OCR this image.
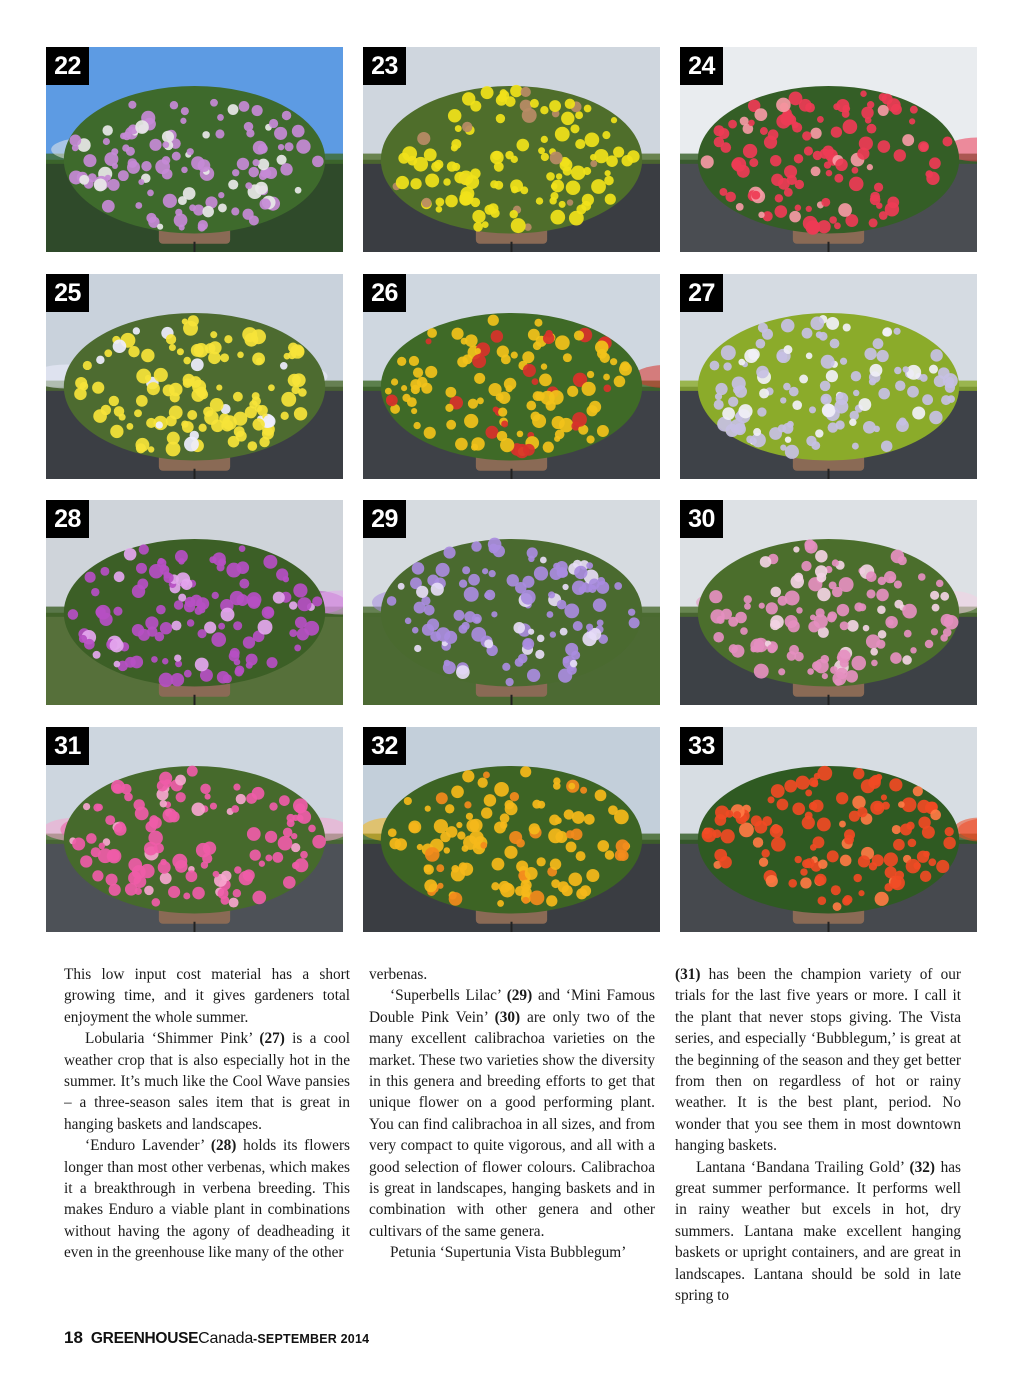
22	23	24
25	26	27
28	29	30
31	32	33

This low input cost material has a short growing time, and it gives gardeners total enjoyment the whole summer.

Lobularia ‘Shimmer Pink’ (27) is a cool weather crop that is also especially hot in the summer. It’s much like the Cool Wave pansies – a three-season sales item that is great in hanging baskets and landscapes.

‘Enduro Lavender’ (28) holds its flowers longer than most other verbenas, which makes it a breakthrough in verbena breeding. This makes Enduro a viable plant in combinations without having the agony of deadheading it even in the greenhouse like many of the other

verbenas.

‘Superbells Lilac’ (29) and ‘Mini Famous Double Pink Vein’ (30) are only two of the many excellent calibrachoa varieties on the market. These two varieties show the diversity in this genera and breeding efforts to get that unique flower on a good performing plant. You can find calibrachoa in all sizes, and from very compact to quite vigorous, and all with a good selection of flower colours. Calibrachoa is great in landscapes, hanging baskets and in combination with other genera and other cultivars of the same genera.

Petunia ‘Supertunia Vista Bubblegum’

(31) has been the champion variety of our trials for the last five years or more. I call it the plant that never stops giving. The Vista series, and especially ‘Bubblegum,’ is great at the beginning of the season and they get better from then on regardless of hot or rainy weather. It is the best plant, period. No wonder that you see them in most downtown hanging baskets.

Lantana ‘Bandana Trailing Gold’ (32) has great summer performance. It performs well in rainy weather but excels in hot, dry summers. Lantana make excellent hanging baskets or upright containers, and are great in landscapes. Lantana should be sold in late spring to

18 GREENHOUSE Canada -SEPTEMBER 2014
